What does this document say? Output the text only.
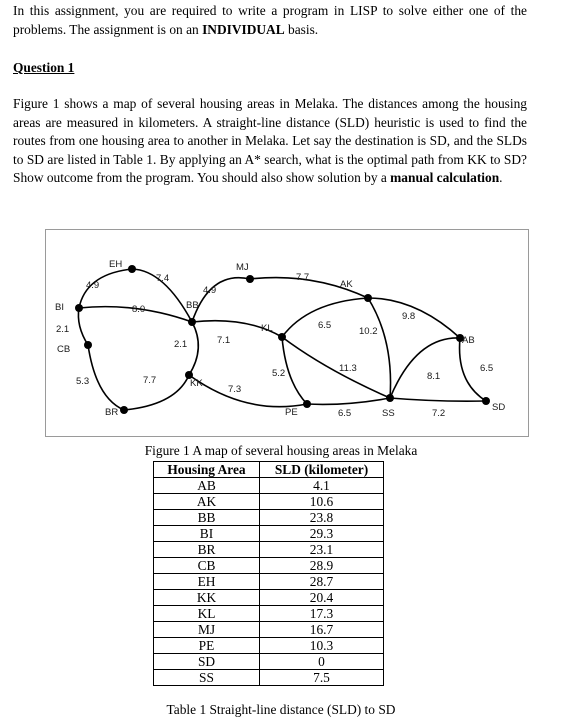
In this assignment, you are required to write a program in LISP to solve either one of the problems. The assignment is on an INDIVIDUAL basis.

Question 1

Figure 1 shows a map of several housing areas in Melaka. The distances among the housing areas are measured in kilometers. A straight-line distance (SLD) heuristic is used to find the routes from one housing area to another in Melaka. Let say the destination is SD, and the SLDs to SD are listed in Table 1. By applying an A* search, what is the optimal path from KK to SD? Show outcome from the program. You should also show solution by a manual calculation.

4.9
7.4
8.0
2.1
5.3	7.7
2.1
4.9
7.1
7.7
7.3
6.5
5.2	11.3
10.2
9.8
6.5
8.1
6.5
7.2
BI
CB
EH
BR
BB
MJ
KK
KL
AK
PE	SS
AB
SD
Figure 1 A map of several housing areas in Melaka
Housing Area	SLD (kilometer)
AB	4.1
AK	10.6
BB	23.8
BI	29.3
BR	23.1
CB	28.9
EH	28.7
KK	20.4
KL	17.3
MJ	16.7
PE	10.3
SD	0
SS	7.5
Table 1 Straight-line distance (SLD) to SD
